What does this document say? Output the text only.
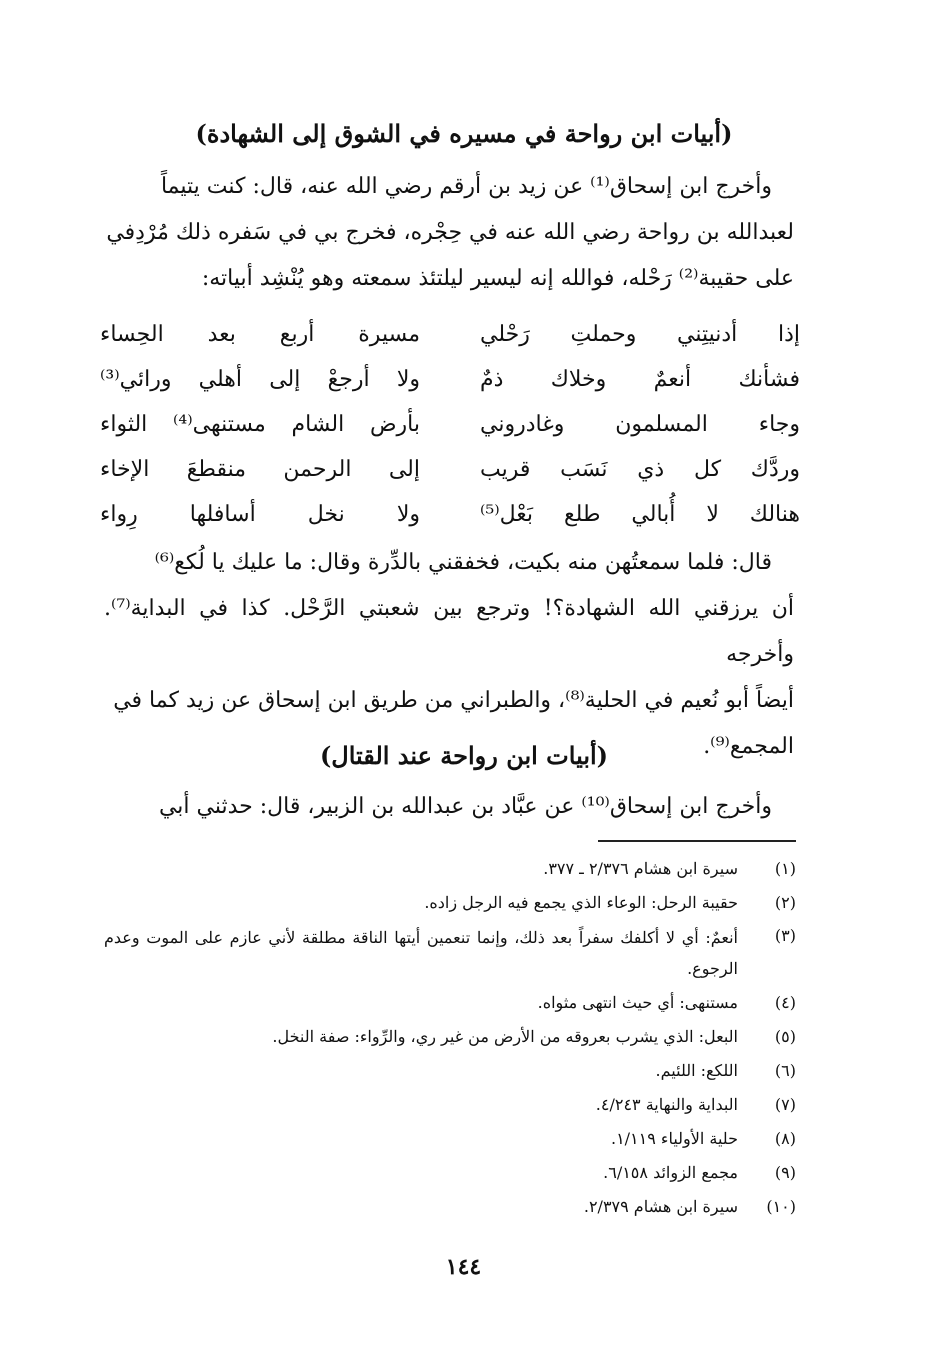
(أبيات ابن رواحة في مسيره في الشوق إلى الشهادة)
وأخرج ابن إسحاق⁽¹⁾ عن زيد بن أرقم رضي الله عنه، قال: كنت يتيماً
لعبدالله بن رواحة رضي الله عنه في حِجْره، فخرج بي في سَفره ذلك مُرْدِفي
على حقيبة⁽²⁾ رَحْله، فوالله إنه ليسير ليلتئذ سمعته وهو يُنْشِد أبياته:
إذا أدنيتِني وحملتِ رَحْلي
مسيرة أربع بعد الحِساء
فشأنك أنعمٌ وخلاك ذمٌ
ولا أرجعْ إلى أهلي ورائي⁽³⁾
وجاء المسلمون وغادروني
بأرض الشام مستنهى⁽⁴⁾ الثواء
وردَّك كل ذي نَسَب قريب
إلى الرحمن منقطعَ الإخاء
هنالك لا أُبالي طلع بَعْل⁽⁵⁾
ولا نخل أسافلها رِواء
قال: فلما سمعتُهن منه بكيت، فخفقني بالدِّرة وقال: ما عليك يا لُكع⁽⁶⁾
أن يرزقني الله الشهادة؟! وترجع بين شعبتي الرَّحْل. كذا في البداية⁽⁷⁾. وأخرجه
أيضاً أبو نُعيم في الحلية⁽⁸⁾، والطبراني من طريق ابن إسحاق عن زيد كما في
المجمع⁽⁹⁾.
(أبيات ابن رواحة عند القتال)
وأخرج ابن إسحاق⁽¹⁰⁾ عن عبَّاد بن عبدالله بن الزبير، قال: حدثني أبي
(١)
سيرة ابن هشام ٢/٣٧٦ ـ ٣٧٧.
(٢)
حقيبة الرحل: الوعاء الذي يجمع فيه الرجل زاده.
(٣)
أنعمٌ: أي لا أكلفك سفراً بعد ذلك، وإنما تنعمين أيتها الناقة مطلقة لأني عازم على الموت وعدم الرجوع.
(٤)
مستنهى: أي حيث انتهى مثواه.
(٥)
البعل: الذي يشرب بعروقه من الأرض من غير ري، والرِّواء: صفة النخل.
(٦)
اللكع: اللئيم.
(٧)
البداية والنهاية ٤/٢٤٣.
(٨)
حلية الأولياء ١/١١٩.
(٩)
مجمع الزوائد ٦/١٥٨.
(١٠)
سيرة ابن هشام ٢/٣٧٩.
١٤٤
